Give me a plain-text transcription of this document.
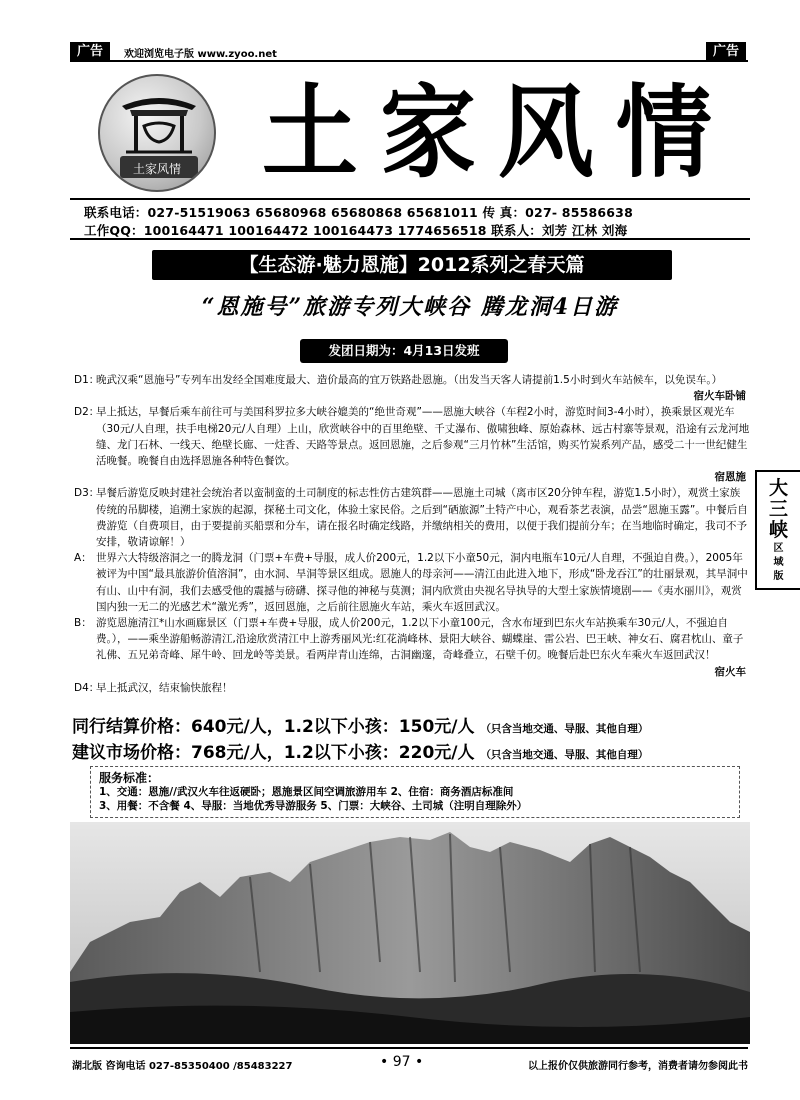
广告	欢迎浏览电子版 www.zyoo.net	广告
土家风情 土家风情
联系电话：027-51519063 65680968 65680868 65681011 传 真：027- 85586638
工作QQ：100164471 100164472 100164473 1774656518 联系人：刘芳 江林 刘海
【生态游·魅力恩施】2012系列之春天篇
“恩施号”旅游专列大峡谷 腾龙洞4日游
发团日期为：4月13日发班
D1：
晚武汉乘“恩施号”专列车出发经全国难度最大、造价最高的宜万铁路赴恩施。（出发当天客人请提前1.5小时到火车站候车，以免误车。）
宿火车卧铺
D2：
早上抵达，早餐后乘车前往可与美国科罗拉多大峡谷媲美的“绝世奇观”——恩施大峡谷（车程2小时，游览时间3-4小时），换乘景区观光车（30元/人自理，扶手电梯20元/人自理）上山，欣赏峡谷中的百里绝壁、千丈瀑布、傲啸独峰、原始森林、远古村寨等景观，沿途有云龙河地缝、龙门石林、一线天、绝壁长廊、一炷香、天路等景点。返回恩施，之后参观“三月竹林”生活馆，购买竹炭系列产品，感受二十一世纪健生活晚餐。晚餐自由选择恩施各种特色餐饮。
宿恩施
D3：
早餐后游览反映封建社会统治者以蛮制蛮的土司制度的标志性仿古建筑群——恩施土司城（离市区20分钟车程，游览1.5小时），观赏土家族传统的吊脚楼，追溯土家族的起源，探秘土司文化，体验土家民俗。之后到“硒旅源”土特产中心，观看茶艺表演，品尝“恩施玉露”。中餐后自费游览（自费项目，由于要提前买船票和分车，请在报名时确定线路，并缴纳相关的费用，以便于我们提前分车；在当地临时确定，我司不予安排，敬请谅解！）
A： 世界六大特级溶洞之一的腾龙洞（门票+车费+导服，成人价200元，1.2以下小童50元，洞内电瓶车10元/人自理，不强迫自费。），2005年被评为中国“最具旅游价值溶洞”，由水洞、旱洞等景区组成。恩施人的母亲河——清江由此进入地下，形成“卧龙吞江”的壮丽景观，其旱洞中有山、山中有洞，我们去感受他的震撼与磅礴、探寻他的神秘与莫测；洞内欣赏由央视名导执导的大型土家族情境剧——《夷水丽川》，观赏国内独一无二的光感艺术“激光秀”，返回恩施，之后前往恩施火车站，乘火车返回武汉。
B： 游览恩施清江*山水画廊景区（门票+车费+导服，成人价200元，1.2以下小童100元，含水布垭到巴东火车站换乘车30元/人，不强迫自费。），——乘坐游船畅游清江,沿途欣赏清江中上游秀丽风光:红花淌峰林、景阳大峡谷、蝴蝶崖、雷公岩、巴王峡、神女石、腐君枕山、童子礼佛、五兄弟奇峰、犀牛岭、回龙岭等美景。看两岸青山连绵，古洞幽邃，奇峰叠立，石壁千仞。晚餐后赴巴东火车乘火车返回武汉！
宿火车
D4：
早上抵武汉，结束愉快旅程！
大
三
峡
区
域
版
同行结算价格：640元/人，1.2以下小孩：150元/人 （只含当地交通、导服、其他自理）
建议市场价格：768元/人，1.2以下小孩：220元/人 （只含当地交通、导服、其他自理）
服务标准：
1、交通：恩施//武汉火车往返硬卧；恩施景区间空调旅游用车 2、住宿：商务酒店标准间
3、用餐：不含餐 4、导服：当地优秀导游服务 5、门票：大峡谷、土司城（注明自理除外）
湖北版 咨询电话 027-85350400 /85483227	• 97 •	以上报价仅供旅游同行参考，消费者请勿参阅此书
